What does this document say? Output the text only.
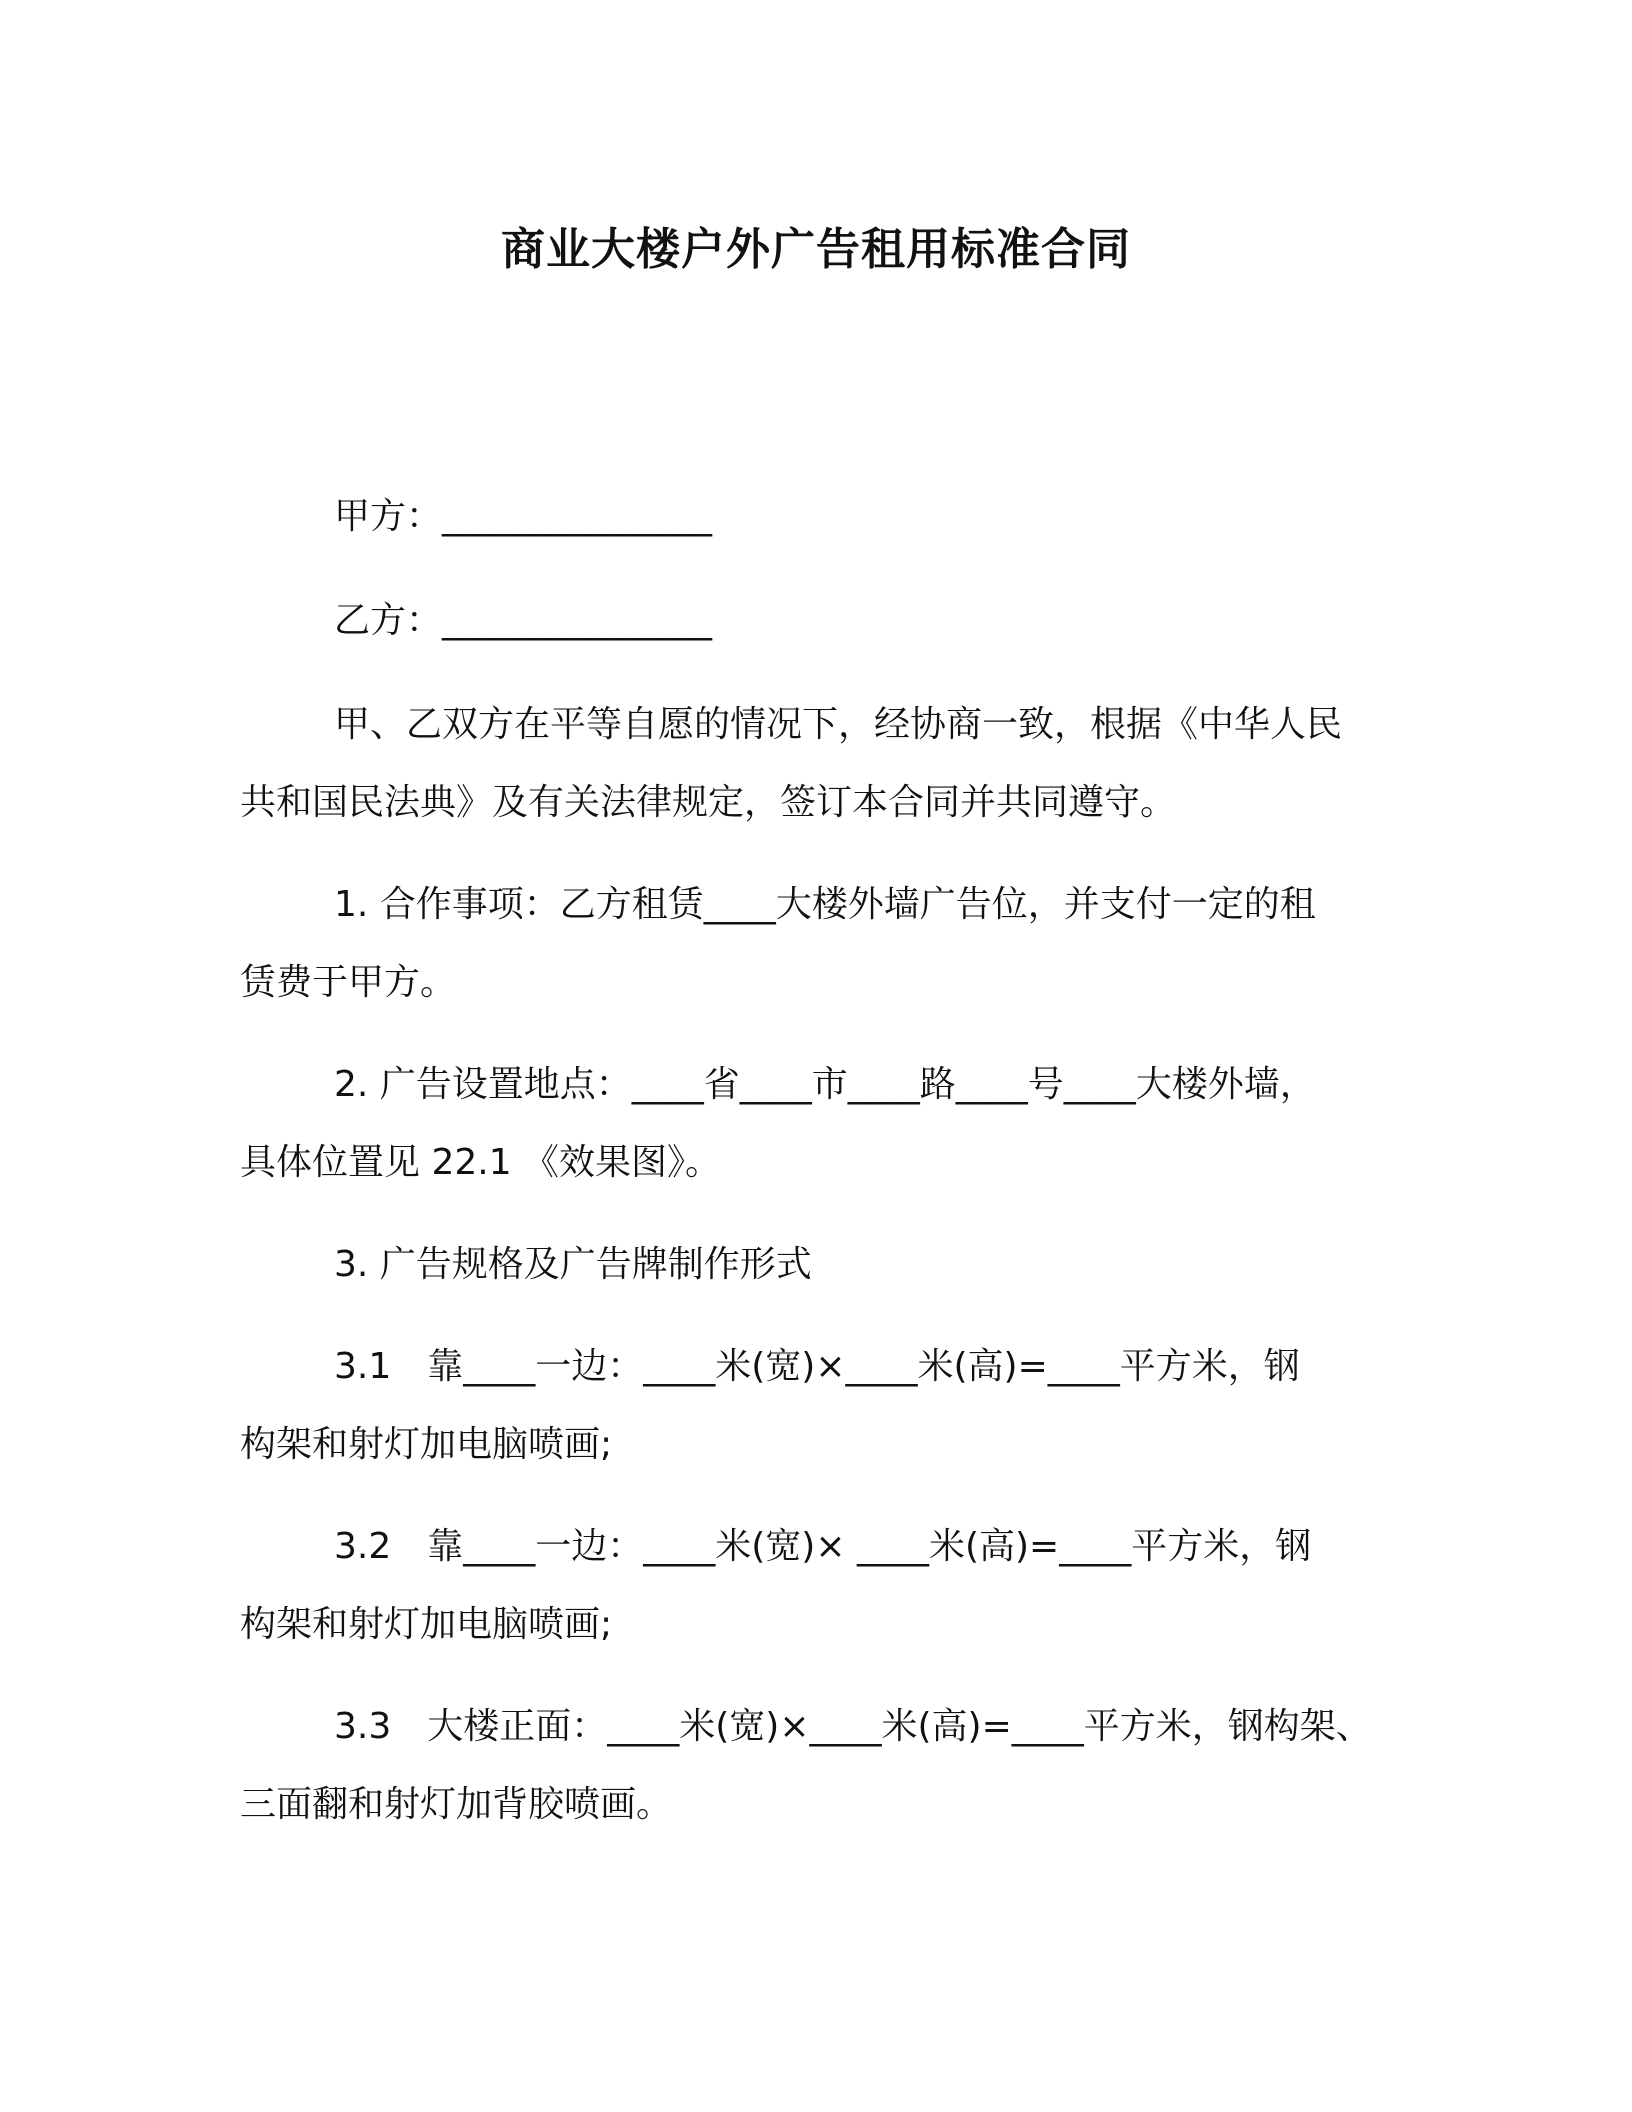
商业大楼户外广告租用标准合同
甲方：_______________
乙方：_______________
甲、乙双方在平等自愿的情况下，经协商一致，根据《中华人民
共和国民法典》及有关法律规定，签订本合同并共同遵守。
1. 合作事项：乙方租赁____大楼外墙广告位，并支付一定的租
赁费于甲方。
2. 广告设置地点：____省____市____路____号____大楼外墙，
具体位置见 22.1 《效果图》。
3. 广告规格及广告牌制作形式
3.1　靠____一边：____米(宽)×____米(高)=____平方米，钢
构架和射灯加电脑喷画;
3.2　靠____一边：____米(宽)× ____米(高)=____平方米，钢
构架和射灯加电脑喷画;
3.3　大楼正面：____米(宽)×____米(高)=____平方米，钢构架、
三面翻和射灯加背胶喷画。
